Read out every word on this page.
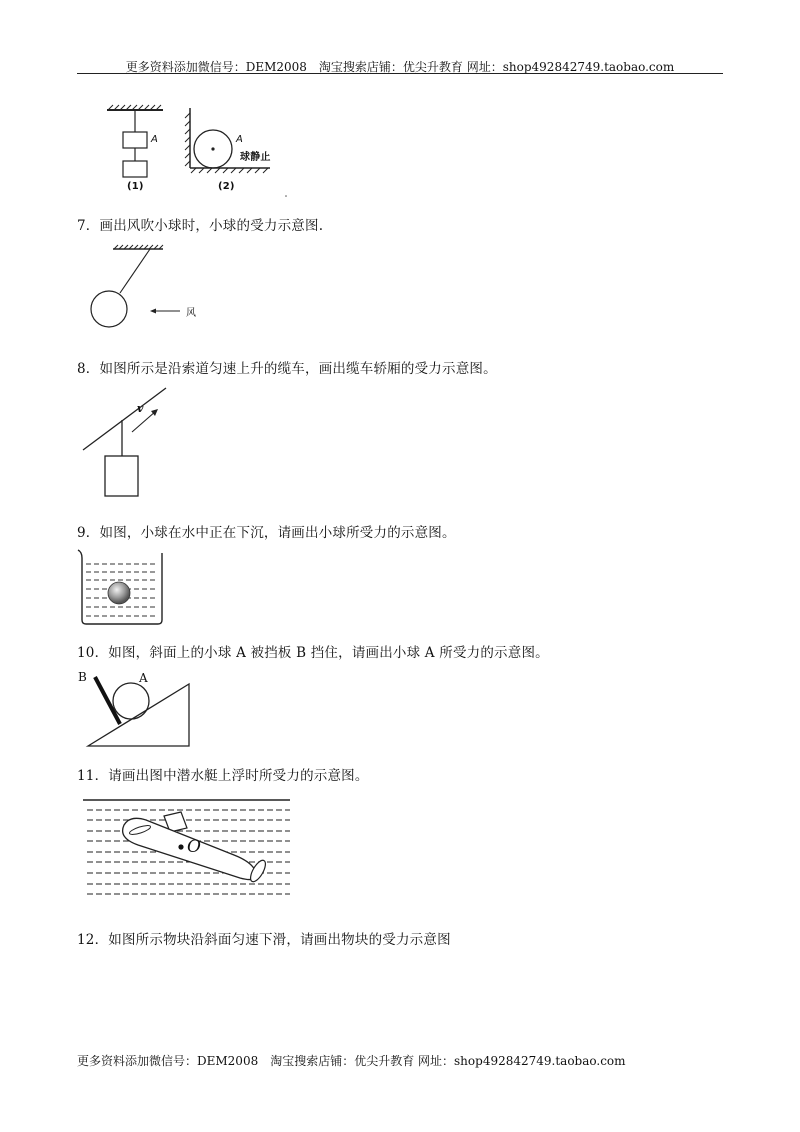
更多资料添加微信号：DEM2008　淘宝搜索店铺：优尖升教育 网址：shop492842749.taobao.com
A	A
球静止
(1)	(2)
7．画出风吹小球时，小球的受力示意图.
风
8．如图所示是沿索道匀速上升的缆车，画出缆车轿厢的受力示意图。
v
9．如图，小球在水中正在下沉，请画出小球所受力的示意图。
10．如图，斜面上的小球 A 被挡板 B 挡住，请画出小球 A 所受力的示意图。
B	A
11．请画出图中潜水艇上浮时所受力的示意图。
O
12．如图所示物块沿斜面匀速下滑，请画出物块的受力示意图
更多资料添加微信号：DEM2008　淘宝搜索店铺：优尖升教育 网址：shop492842749.taobao.com
